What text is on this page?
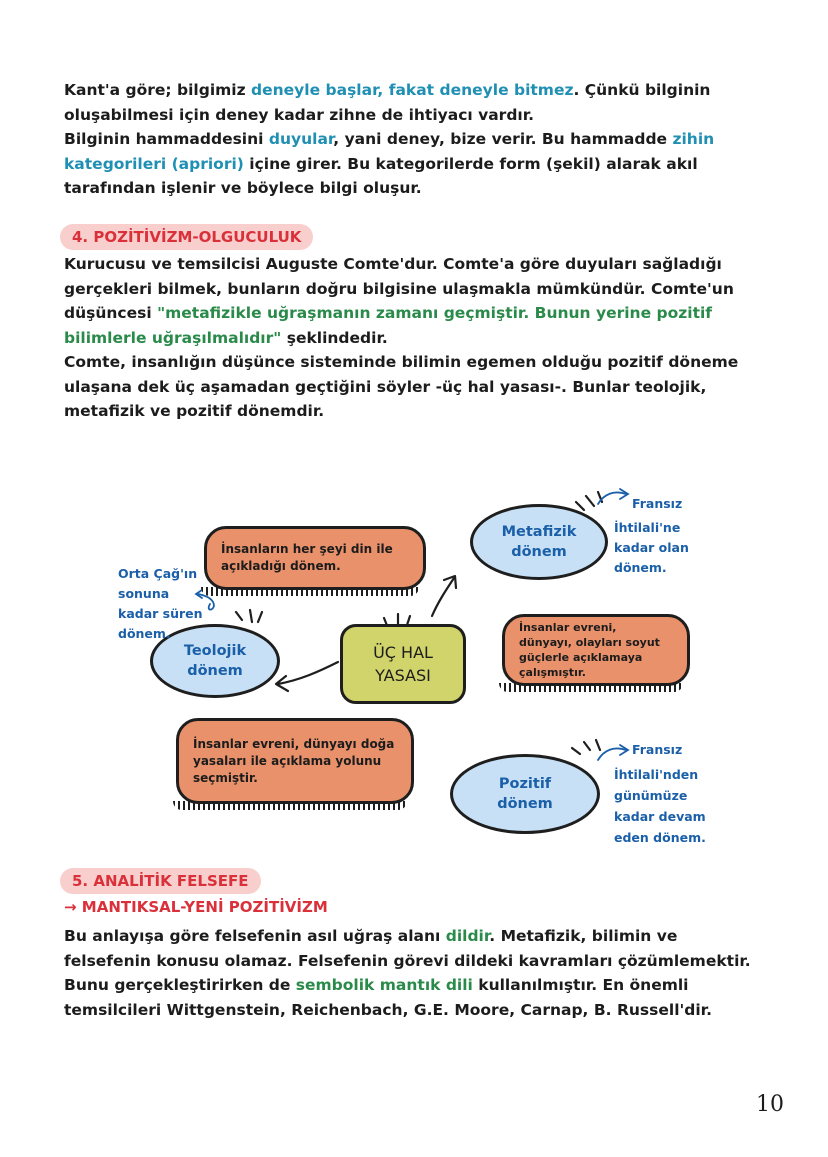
Kant'a göre; bilgimiz deneyle başlar, fakat deneyle bitmez. Çünkü bilginin oluşabilmesi için deney kadar zihne de ihtiyacı vardır.
Bilginin hammaddesini duyular, yani deney, bize verir. Bu hammadde zihin kategorileri (apriori) içine girer. Bu kategorilerde form (şekil) alarak akıl tarafından işlenir ve böylece bilgi oluşur.
4. POZİTİVİZM-OLGUCULUK
Kurucusu ve temsilcisi Auguste Comte'dur. Comte'a göre duyuları sağladığı gerçekleri bilmek, bunların doğru bilgisine ulaşmakla mümkündür. Comte'un düşüncesi "metafizikle uğraşmanın zamanı geçmiştir. Bunun yerine pozitif bilimlerle uğraşılmalıdır" şeklindedir.
Comte, insanlığın düşünce sisteminde bilimin egemen olduğu pozitif döneme ulaşana dek üç aşamadan geçtiğini söyler -üç hal yasası-. Bunlar teolojik, metafizik ve pozitif dönemdir.
İnsanların her şeyi din ile açıkladığı dönem.
Teolojik dönem
Orta Çağ'ın sonuna kadar süren dönem.
ÜÇ HAL YASASI
Metafizik dönem
Fransız
İhtilali'ne kadar olan dönem.
İnsanlar evreni, dünyayı, olayları soyut güçlerle açıklamaya çalışmıştır.
İnsanlar evreni, dünyayı doğa yasaları ile açıklama yolunu seçmiştir.	Pozitif dönem
Fransız
İhtilali'nden günümüze kadar devam eden dönem.
5. ANALİTİK FELSEFE
→ MANTIKSAL-YENİ POZİTİVİZM
Bu anlayışa göre felsefenin asıl uğraş alanı dildir. Metafizik, bilimin ve felsefenin konusu olamaz. Felsefenin görevi dildeki kavramları çözümlemektir. Bunu gerçekleştirirken de sembolik mantık dili kullanılmıştır. En önemli temsilcileri Wittgenstein, Reichenbach, G.E. Moore, Carnap, B. Russell'dir.
10
